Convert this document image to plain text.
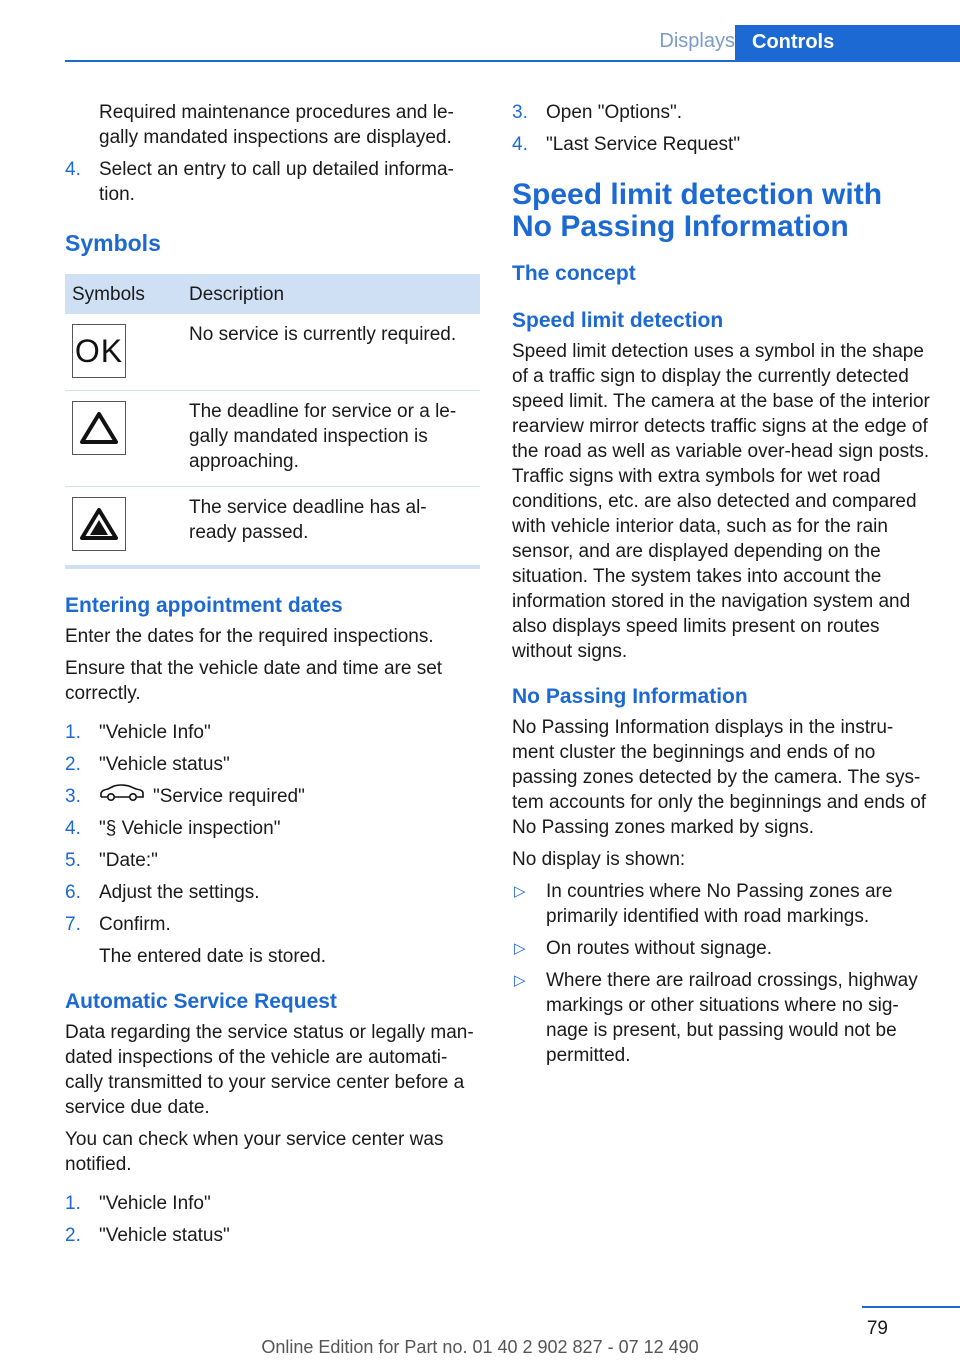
Displays Controls

Required maintenance procedures and le-gally mandated inspections are displayed.

4. Select an entry to call up detailed informa-tion.
Symbols
Symbols	Description

OK	No service is currently required.

	The deadline for service or a le-gally mandated inspection is approaching.

	The service deadline has al-ready passed.
Entering appointment dates

Enter the dates for the required inspections.

Ensure that the vehicle date and time are set correctly.

1. "Vehicle Info"
2. "Vehicle status"
3.	"Service required"
4. "§ Vehicle inspection"
5. "Date:"
6. Adjust the settings.
7. Confirm.

The entered date is stored.

Automatic Service Request

Data regarding the service status or legally man-dated inspections of the vehicle are automati-cally transmitted to your service center before a service due date.

You can check when your service center was notified.

1. "Vehicle Info"
2. "Vehicle status"
3. Open "Options".
4. "Last Service Request"
Speed limit detection with No Passing Information
The concept
Speed limit detection

Speed limit detection uses a symbol in the shape of a traffic sign to display the currently detected speed limit. The camera at the base of the interior rearview mirror detects traffic signs at the edge of the road as well as variable over-head sign posts. Traffic signs with extra symbols for wet road conditions, etc. are also detected and compared with vehicle interior data, such as for the rain sensor, and are displayed depending on the situation. The system takes into account the information stored in the navigation system and also displays speed limits present on routes without signs.

No Passing Information

No Passing Information displays in the instru-ment cluster the beginnings and ends of no passing zones detected by the camera. The sys-tem accounts for only the beginnings and ends of No Passing zones marked by signs.

No display is shown:

▷ In countries where No Passing zones are primarily identified with road markings.
▷ On routes without signage.
▷ Where there are railroad crossings, highway markings or other situations where no sig-nage is present, but passing would not be permitted.
79
Online Edition for Part no. 01 40 2 902 827 - 07 12 490
